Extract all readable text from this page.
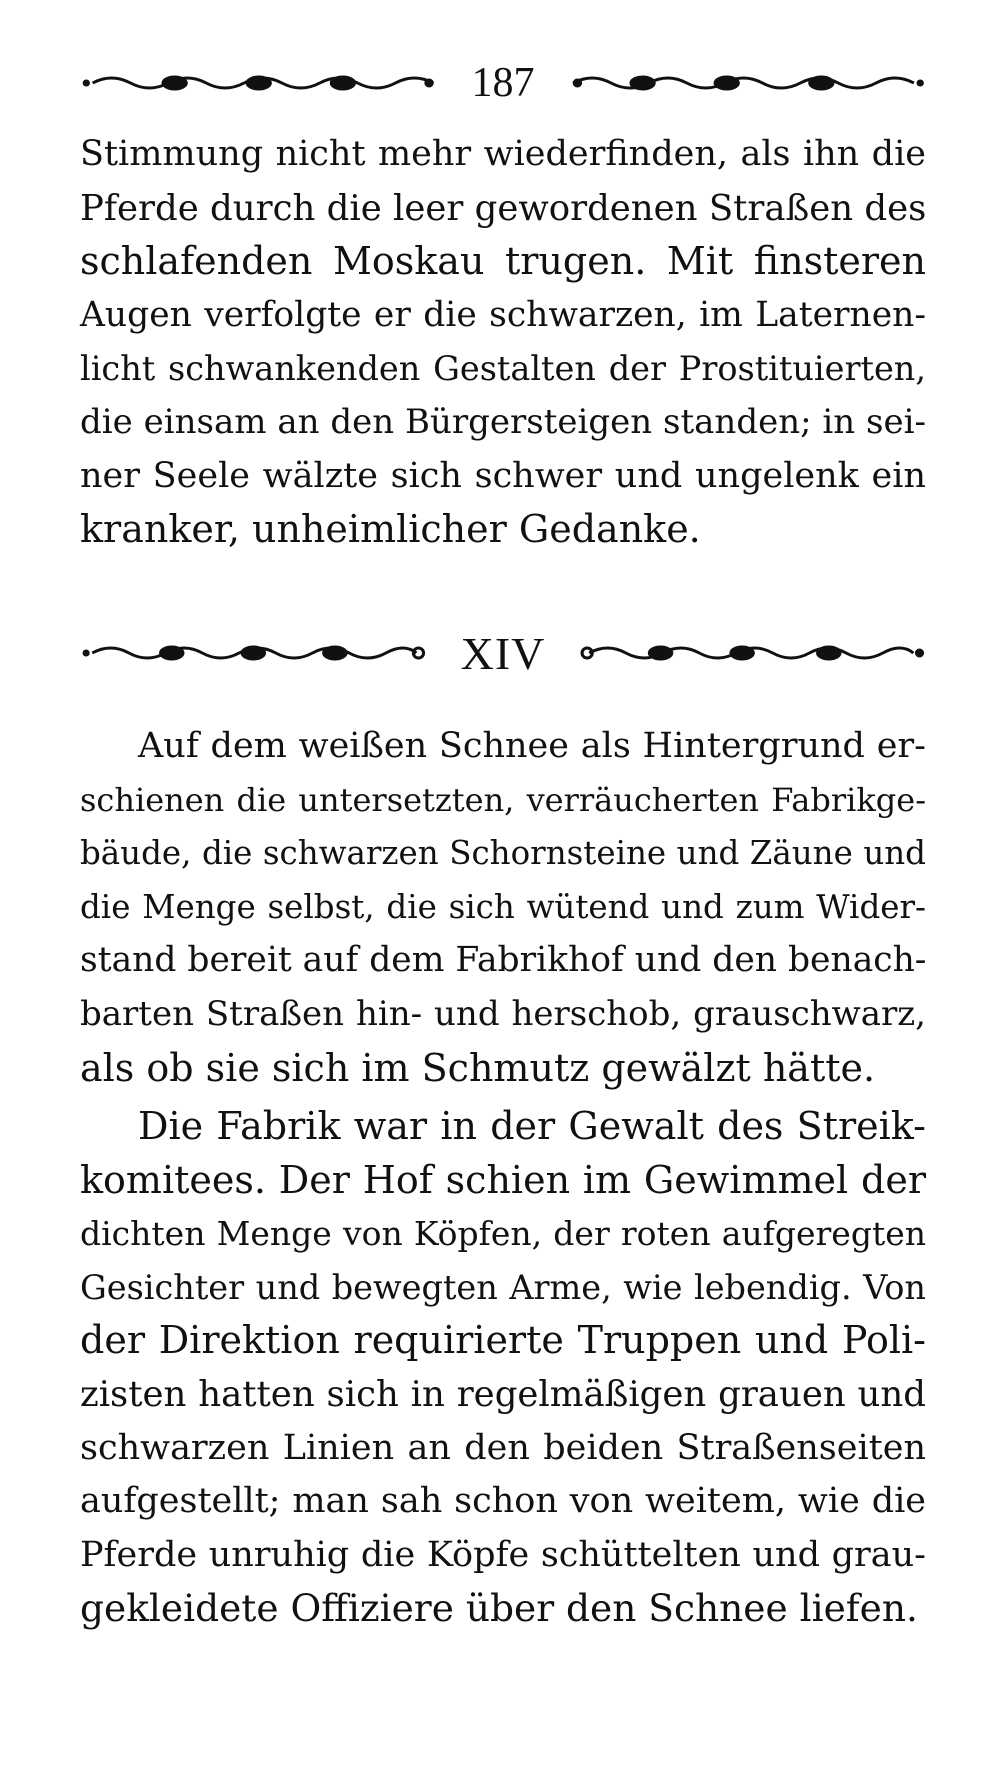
187
Stimmung nicht mehr wiederfinden, als ihn die
Pferde durch die leer gewordenen Straßen des
schlafenden Moskau trugen. Mit finsteren
Augen verfolgte er die schwarzen, im Laternen-
licht schwankenden Gestalten der Prostituierten,
die einsam an den Bürgersteigen standen; in sei-
ner Seele wälzte sich schwer und ungelenk ein
kranker, unheimlicher Gedanke.
XIV
Auf dem weißen Schnee als Hintergrund er-
schienen die untersetzten, verräucherten Fabrikge-
bäude, die schwarzen Schornsteine und Zäune und
die Menge selbst, die sich wütend und zum Wider-
stand bereit auf dem Fabrikhof und den benach-
barten Straßen hin- und herschob, grauschwarz,
als ob sie sich im Schmutz gewälzt hätte.
Die Fabrik war in der Gewalt des Streik-
komitees. Der Hof schien im Gewimmel der
dichten Menge von Köpfen, der roten aufgeregten
Gesichter und bewegten Arme, wie lebendig. Von
der Direktion requirierte Truppen und Poli-
zisten hatten sich in regelmäßigen grauen und
schwarzen Linien an den beiden Straßenseiten
aufgestellt; man sah schon von weitem, wie die
Pferde unruhig die Köpfe schüttelten und grau-
gekleidete Offiziere über den Schnee liefen.
